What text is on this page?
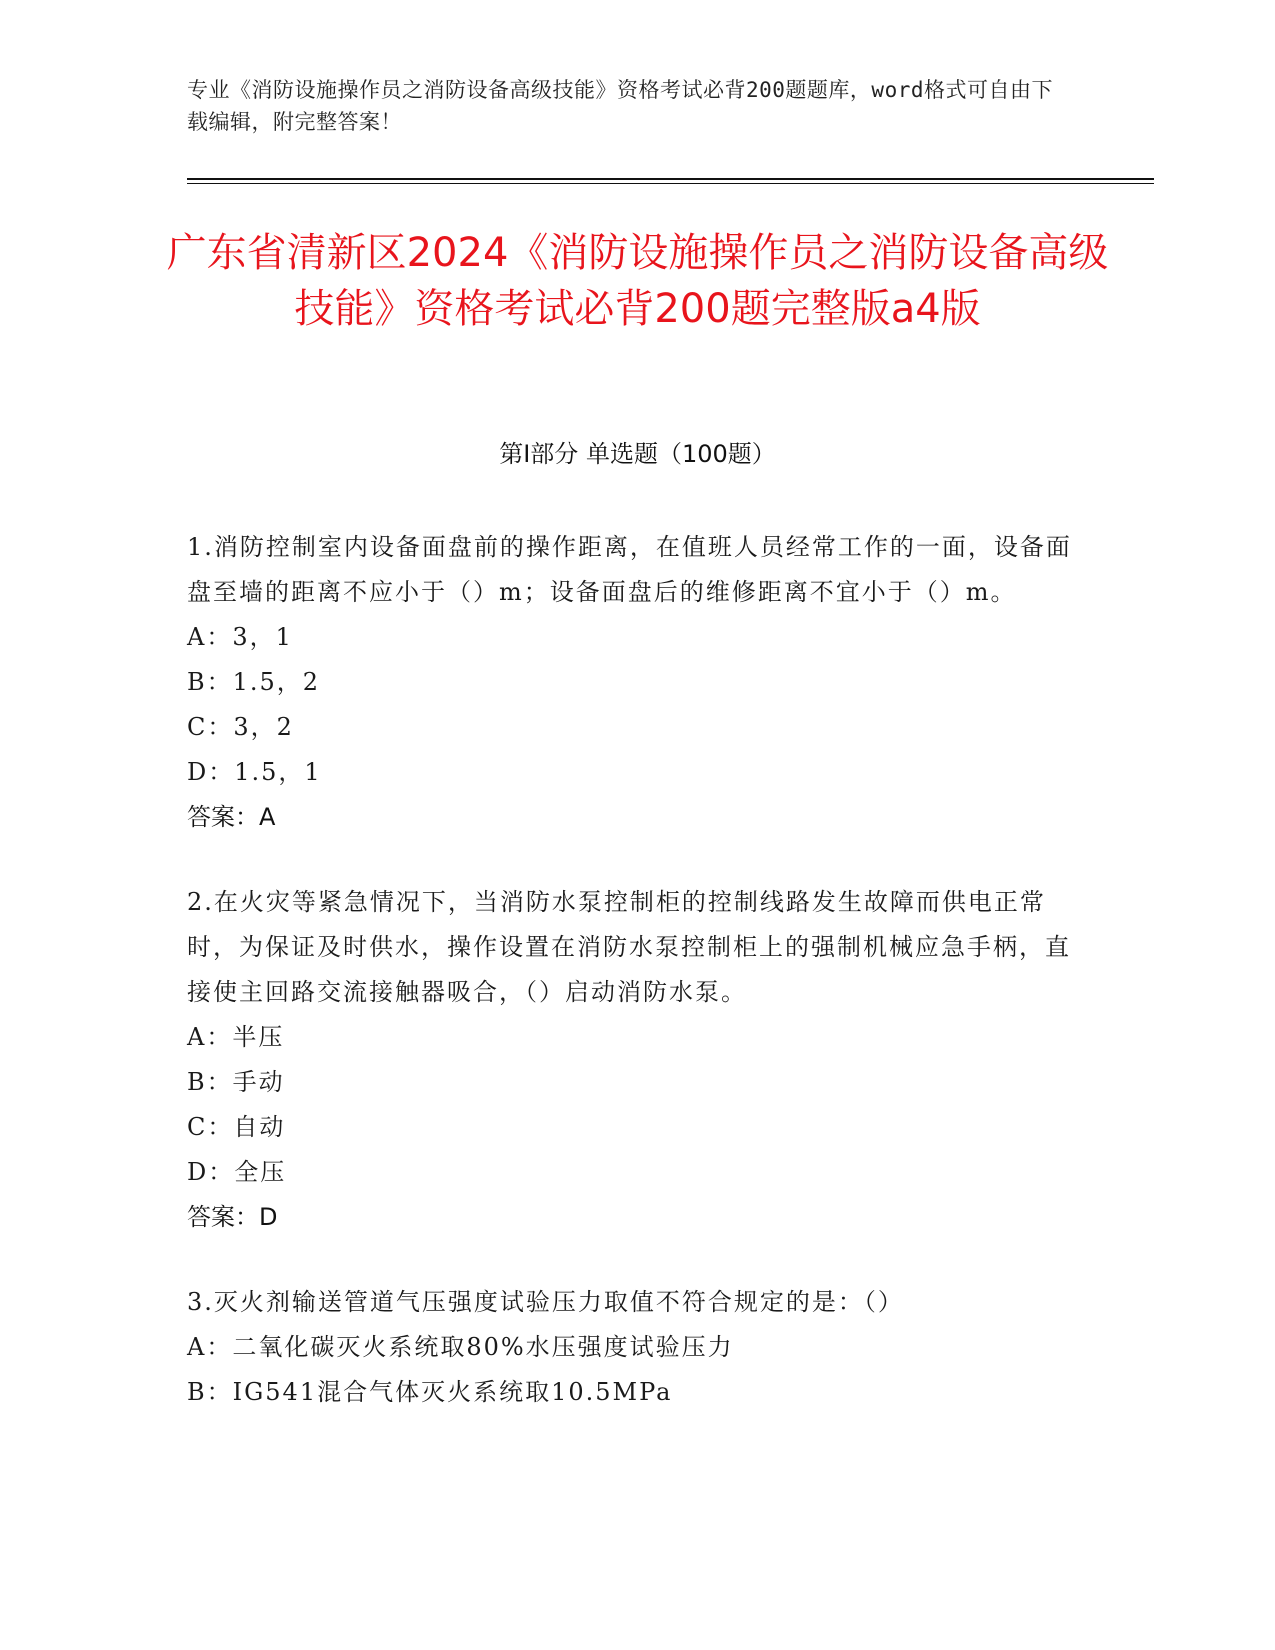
专业《消防设施操作员之消防设备高级技能》资格考试必背200题题库，word格式可自由下载编辑，附完整答案！
广东省清新区2024《消防设施操作员之消防设备高级技能》资格考试必背200题完整版a4版
第I部分 单选题（100题）
1.消防控制室内设备面盘前的操作距离，在值班人员经常工作的一面，设备面盘至墙的距离不应小于（）m；设备面盘后的维修距离不宜小于（）m。
A：3，1
B：1.5，2
C：3，2
D：1.5，1
答案：A
2.在火灾等紧急情况下，当消防水泵控制柜的控制线路发生故障而供电正常时，为保证及时供水，操作设置在消防水泵控制柜上的强制机械应急手柄，直接使主回路交流接触器吸合，（）启动消防水泵。
A：半压
B：手动
C：自动
D：全压
答案：D
3.灭火剂输送管道气压强度试验压力取值不符合规定的是：（）
A：二氧化碳灭火系统取80%水压强度试验压力
B：IG541混合气体灭火系统取10.5MPa
